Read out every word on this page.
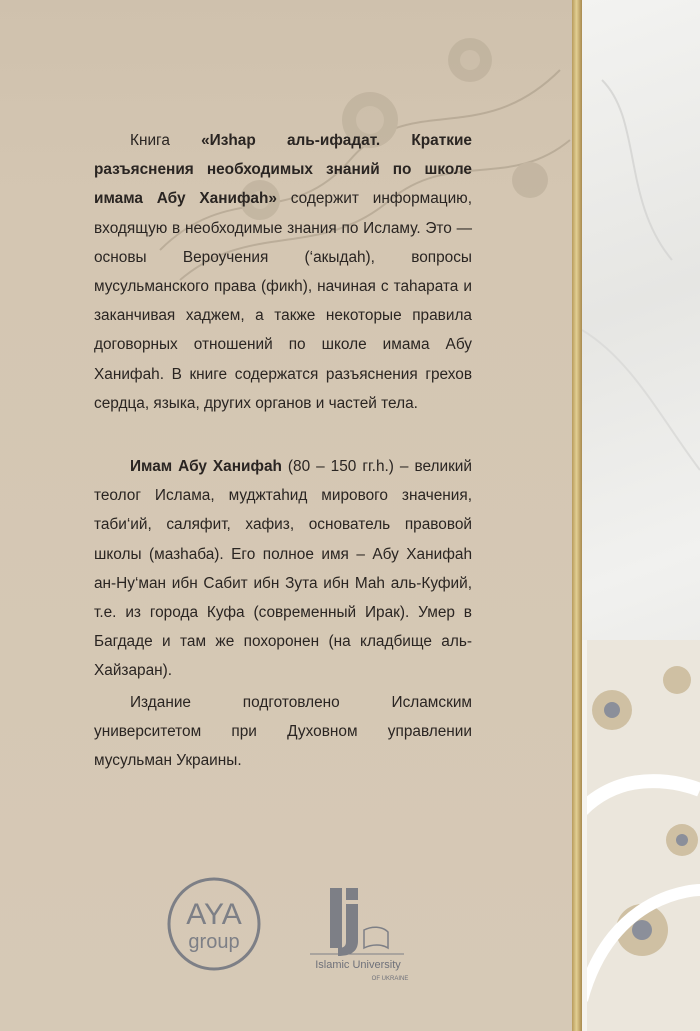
Книга «Изhар аль-ифадат. Краткие разъяснения необходимых знаний по школе имама Абу Ханифаh» содержит информацию, входящую в необходимые знания по Исламу. Это — основы Вероучения (‘акыдаh), вопросы мусульманского права (фикh), начиная с таhарата и заканчивая хаджем, а также некоторые правила договорных отношений по школе имама Абу Ханифаh. В книге содержатся разъяснения грехов сердца, языка, других органов и частей тела.
Имам Абу Ханифаh (80 – 150 гг.h.) – великий теолог Ислама, муджтаhид мирового значения, таби‘ий, саляфит, хафиз, основатель правовой школы (мазhаба). Его полное имя – Абу Ханифаh ан-Ну‘ман ибн Сабит ибн Зута ибн Маh аль-Куфий, т.е. из города Куфа (современный Ирак). Умер в Багдаде и там же похоронен (на кладбище аль-Хайзаран).
Издание подготовлено Исламским университетом при Духовном управлении мусульман Украины.
AYA
group
Islamic University
OF UKRAINE
